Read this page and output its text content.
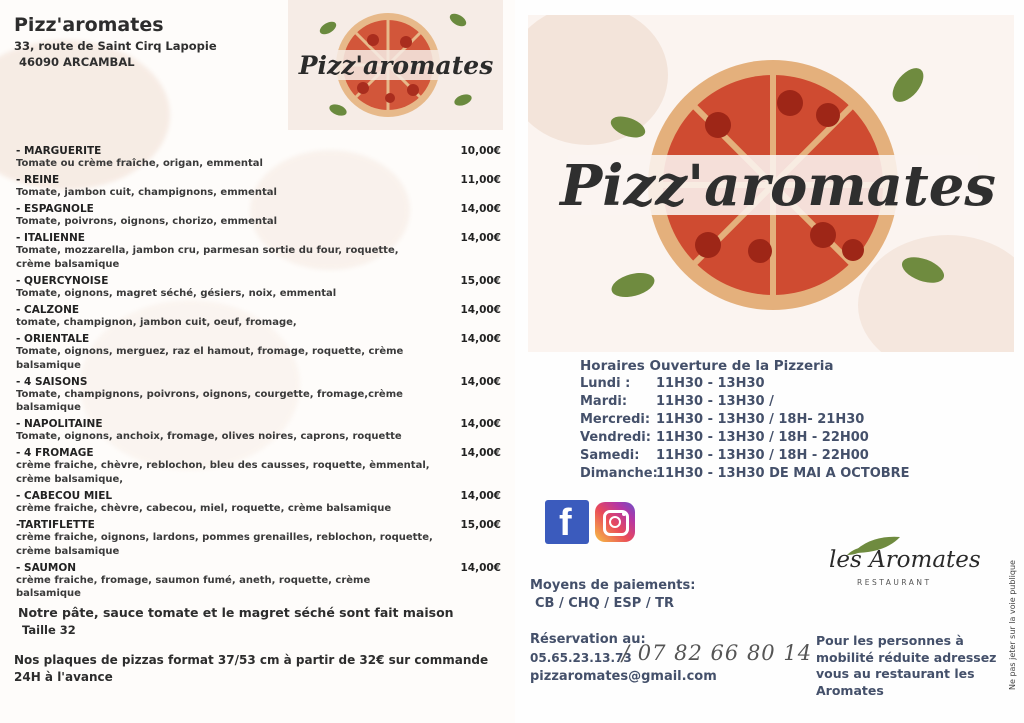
Pizz'aromates
33, route de Saint Cirq Lapopie
46090 ARCAMBAL	Pizz'aromates
- MARGUERITE
Tomate ou crème fraîche, origan, emmental
10,00€
- REINE
Tomate, jambon cuit, champignons, emmental
11,00€
- ESPAGNOLE
Tomate, poivrons, oignons, chorizo, emmental
14,00€
- ITALIENNE
Tomate, mozzarella, jambon cru, parmesan sortie du four, roquette, crème balsamique
14,00€
- QUERCYNOISE
Tomate, oignons, magret séché, gésiers, noix, emmental
15,00€
- CALZONE
tomate, champignon, jambon cuit, oeuf, fromage,
14,00€
- ORIENTALE
Tomate, oignons, merguez, raz el hamout, fromage, roquette, crème balsamique
14,00€
- 4 SAISONS
Tomate, champignons, poivrons, oignons, courgette, fromage,crème balsamique
14,00€
- NAPOLITAINE
Tomate, oignons, anchoix, fromage, olives noires, caprons, roquette
14,00€
- 4 FROMAGE
crème fraiche, chèvre, reblochon, bleu des causses, roquette, èmmental, crème balsamique,
14,00€
- CABECOU MIEL
crème fraiche, chèvre, cabecou, miel, roquette, crème balsamique
14,00€
-TARTIFLETTE
crème fraiche, oignons, lardons, pommes grenailles, reblochon, roquette, crème balsamique
15,00€
- SAUMON
crème fraiche, fromage, saumon fumé, aneth, roquette, crème balsamique
14,00€
Notre pâte, sauce tomate et le magret séché sont fait maison
Taille 32
Nos plaques de pizzas format 37/53 cm à partir de 32€ sur commande 24H à l'avance
Pizz'aromates
Horaires Ouverture de la Pizzeria
Lundi : 11H30 - 13H30
Mardi: 11H30 - 13H30 /
Mercredi: 11H30 - 13H30 / 18H- 21H30
Vendredi: 11H30 - 13H30 / 18H - 22H00
Samedi: 11H30 - 13H30 / 18H - 22H00
Dimanche:11H30 - 13H30 DE MAI A OCTOBRE
f
les Aromates
RESTAURANT
Moyens de paiements:
CB / CHQ / ESP / TR
Réservation au:
05.65.23.13.73
/ 07 82 66 80 14
pizzaromates@gmail.com
Pour les personnes à mobilité réduite adressez vous au restaurant les Aromates	Ne pas jeter sur la voie publique
